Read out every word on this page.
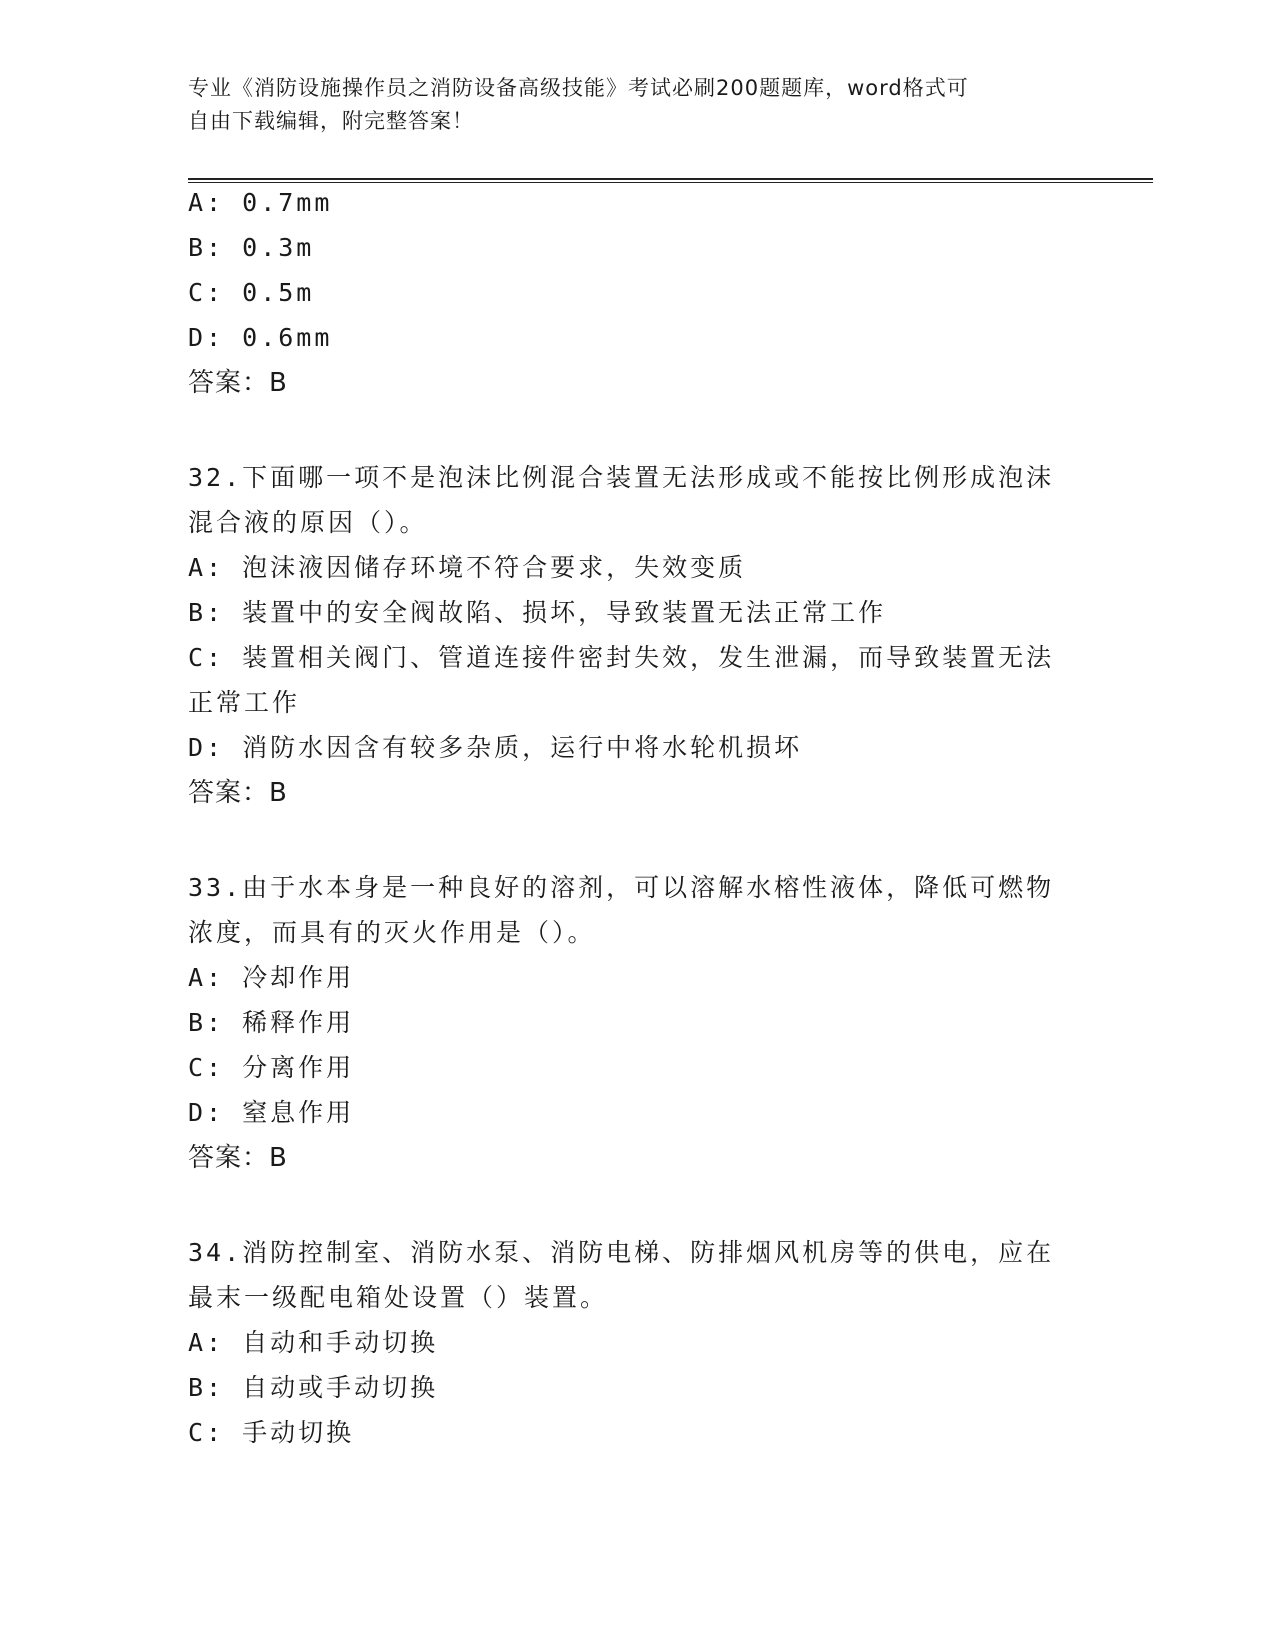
专业《消防设施操作员之消防设备高级技能》考试必刷200题题库，word格式可
自由下载编辑，附完整答案！
A: 0.7mm
B: 0.3m
C: 0.5m
D: 0.6mm
答案：B
32.下面哪一项不是泡沫比例混合装置无法形成或不能按比例形成泡沫
混合液的原因（）。
A: 泡沫液因储存环境不符合要求，失效变质
B: 装置中的安全阀故陷、损坏，导致装置无法正常工作
C: 装置相关阀门、管道连接件密封失效，发生泄漏，而导致装置无法
正常工作
D: 消防水因含有较多杂质，运行中将水轮机损坏
答案：B
33.由于水本身是一种良好的溶剂，可以溶解水榕性液体，降低可燃物
浓度，而具有的灭火作用是（）。
A: 冷却作用
B: 稀释作用
C: 分离作用
D: 窒息作用
答案：B
34.消防控制室、消防水泵、消防电梯、防排烟风机房等的供电，应在
最末一级配电箱处设置（）装置。
A: 自动和手动切换
B: 自动或手动切换
C: 手动切换
